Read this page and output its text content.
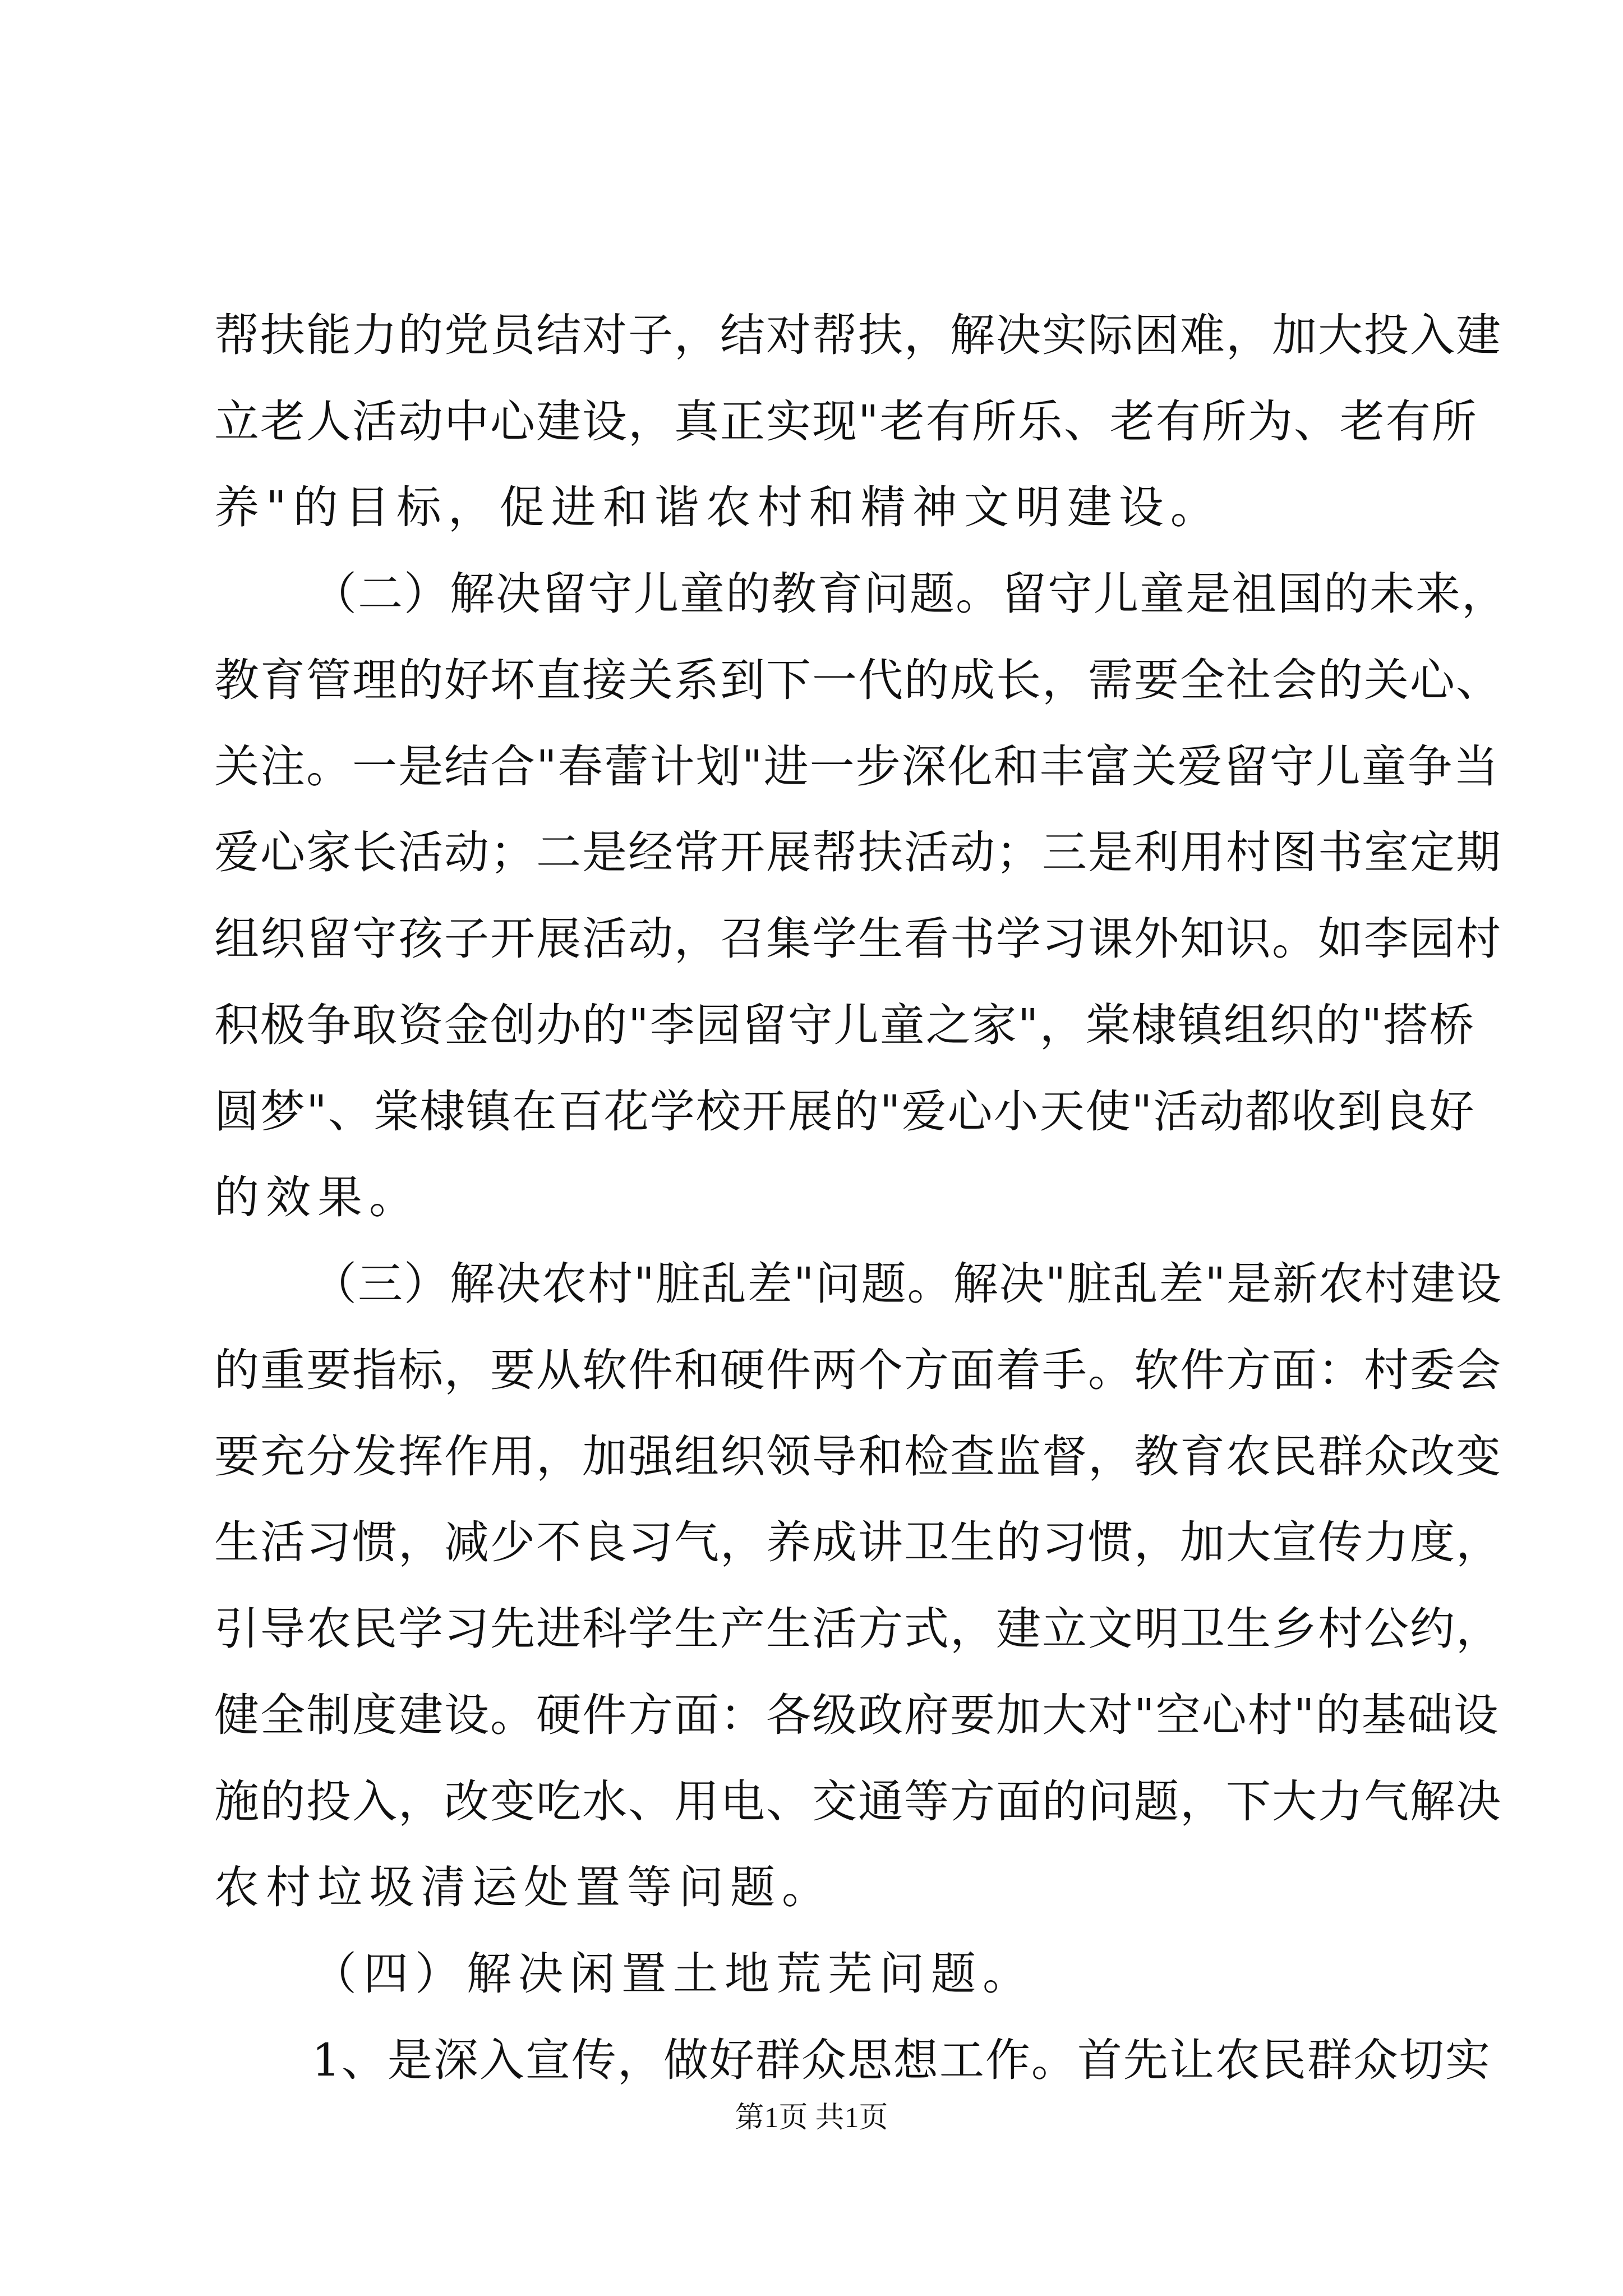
帮扶能力的党员结对子，结对帮扶，解决实际困难，加大投入建
立老人活动中心建设，真正实现"老有所乐、老有所为、老有所
养"的目标，促进和谐农村和精神文明建设。
（二）解决留守儿童的教育问题。留守儿童是祖国的未来，
教育管理的好坏直接关系到下一代的成长，需要全社会的关心、
关注。一是结合"春蕾计划"进一步深化和丰富关爱留守儿童争当
爱心家长活动；二是经常开展帮扶活动；三是利用村图书室定期
组织留守孩子开展活动，召集学生看书学习课外知识。如李园村
积极争取资金创办的"李园留守儿童之家"，棠棣镇组织的"搭桥
圆梦"、棠棣镇在百花学校开展的"爱心小天使"活动都收到良好
的效果。
（三）解决农村"脏乱差"问题。解决"脏乱差"是新农村建设
的重要指标，要从软件和硬件两个方面着手。软件方面：村委会
要充分发挥作用，加强组织领导和检查监督，教育农民群众改变
生活习惯，减少不良习气，养成讲卫生的习惯，加大宣传力度，
引导农民学习先进科学生产生活方式，建立文明卫生乡村公约，
健全制度建设。硬件方面：各级政府要加大对"空心村"的基础设
施的投入，改变吃水、用电、交通等方面的问题，下大力气解决
农村垃圾清运处置等问题。
（四）解决闲置土地荒芜问题。
1、是深入宣传，做好群众思想工作。首先让农民群众切实
第1页 共1页
